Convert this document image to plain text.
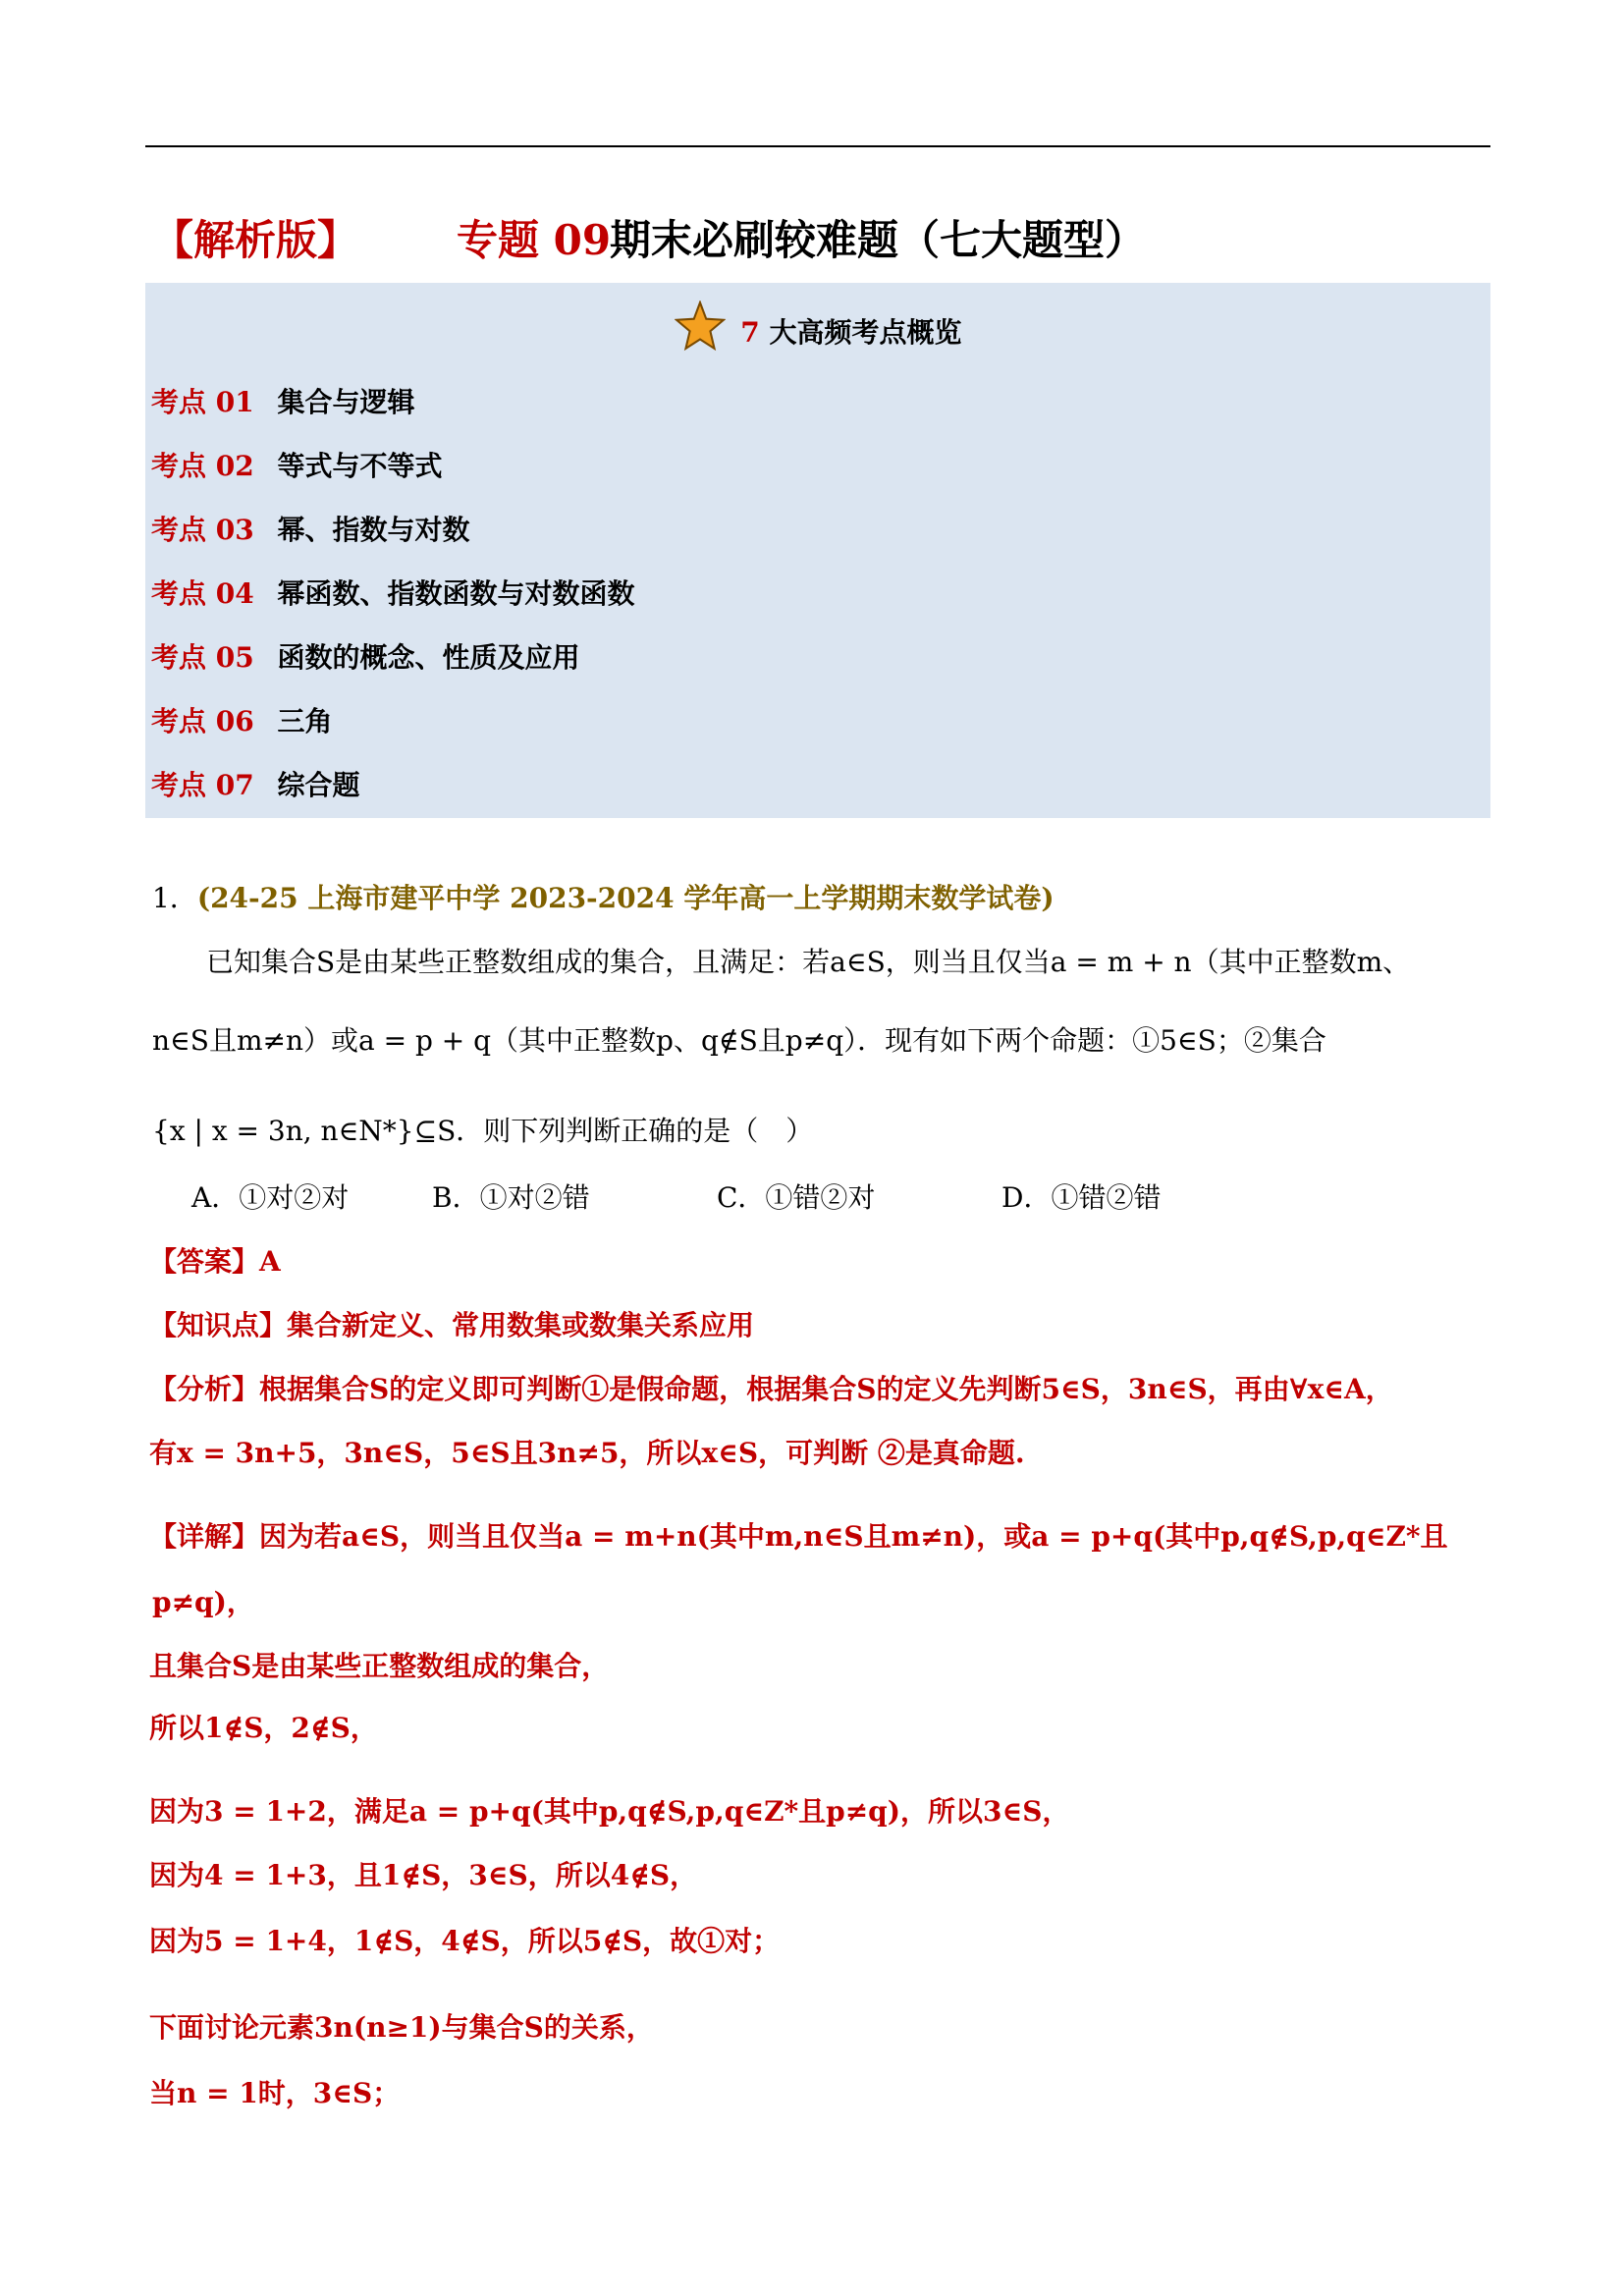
【解析版】 专题 09
期末必刷较难题（七大题型）
7 大高频考点概览
考点 01 集合与逻辑
考点 02 等式与不等式
考点 03 幂、指数与对数
考点 04 幂函数、指数函数与对数函数
考点 05 函数的概念、性质及应用
考点 06 三角
考点 07 综合题
1．(24-25 上海市建平中学 2023-2024 学年高一上学期期末数学试卷)
已知集合S是由某些正整数组成的集合，且满足：若a∈S，则当且仅当a = m + n（其中正整数m、
n∈S且m≠n）或a = p + q（其中正整数p、q∉S且p≠q）．现有如下两个命题：①5∈S；②集合
{x | x = 3n, n∈N*}⊆S．则下列判断正确的是（　）
A．①对②对	B．①对②错	C．①错②对	D．①错②错
【答案】A
【知识点】集合新定义、常用数集或数集关系应用
【分析】根据集合S的定义即可判断①是假命题，根据集合S的定义先判断5∈S，3n∈S，再由∀x∈A，
有x = 3n+5，3n∈S，5∈S且3n≠5，所以x∈S，可判断 ②是真命题.
【详解】因为若a∈S，则当且仅当a = m+n(其中m,n∈S且m≠n)，或a = p+q(其中p,q∉S,p,q∈Z*且
p≠q)，
且集合S是由某些正整数组成的集合，
所以1∉S，2∉S，
因为3 = 1+2，满足a = p+q(其中p,q∉S,p,q∈Z*且p≠q)，所以3∈S，
因为4 = 1+3，且1∉S，3∈S，所以4∉S，
因为5 = 1+4，1∉S，4∉S，所以5∉S，故①对；
下面讨论元素3n(n≥1)与集合S的关系，
当n = 1时，3∈S；
